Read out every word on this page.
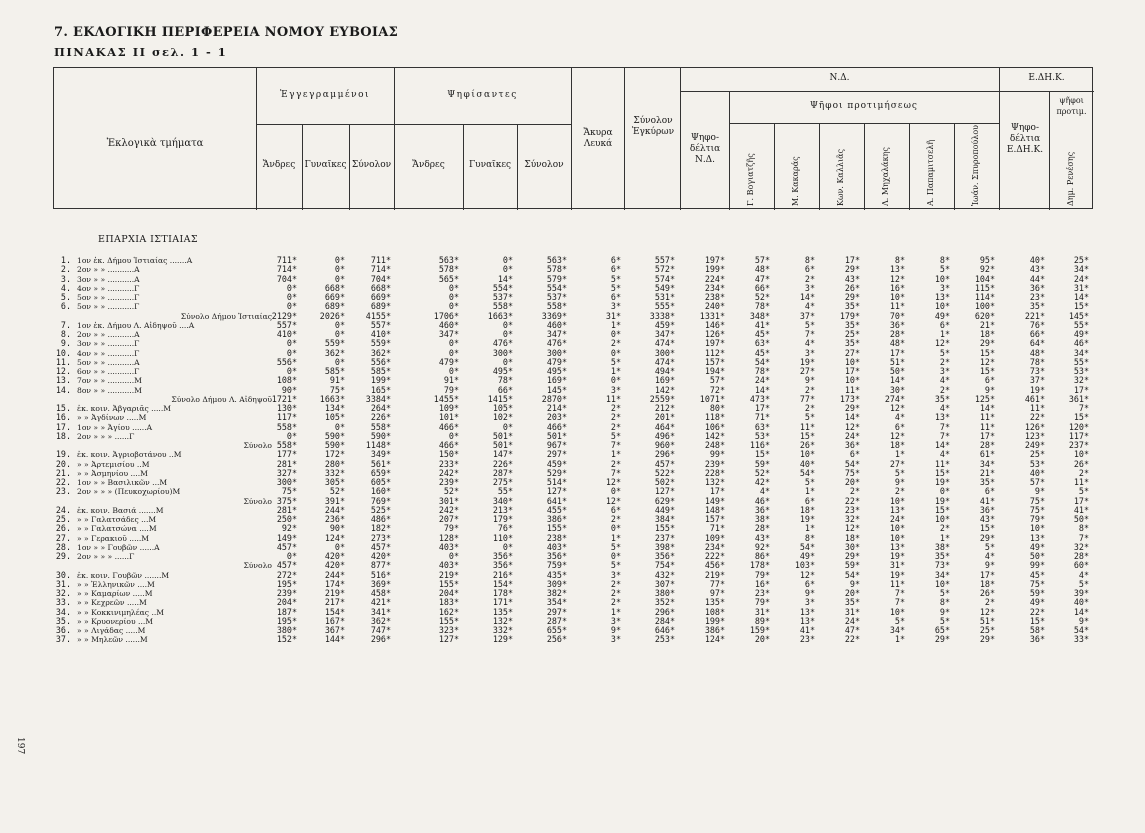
7. ΕΚΛΟΓΙΚΗ ΠΕΡΙΦΕΡΕΙΑ ΝΟΜΟΥ ΕΥΒΟΙΑΣ
ΠΙΝΑΚΑΣ ΙΙ σελ. 1 - 1
197
Ἐκλογικὰ τμήματα
Ἐγγεγραμμένοι	Ψηφίσαντες
Ἄνδρες	Γυναῖκες Σύνολον	Ἄνδρες	Γυναῖκες	Σύνολον
Ἄκυρα Λευκά
Σύνολον Ἐγκύρων
Ν.Δ.	Ε.ΔΗ.Κ.
Ψηφο-δέλτια Ν.Δ.
Ψῆφοι προτιμήσεως
Ψηφο-δέλτια Ε.ΔΗ.Κ.
ψῆφοι προτιμ.
Γ. Βογιατζῆς	Μ. Κακαράς	Κων. Καλλιᾶς	Λ. Μηχαλάκης	Α. Παπαμιτσελῆ	Ἰωάν. Σπυροπούλου	Δημ. Ρενέσης
ΕΠΑΡΧΙΑ ΙΣΤΙΑΙΑΣ
1. 1ον ἐκ. Δήμου Ἱστιαίας .......Α	711*	0*	711*	563*	0*	563*	6*	557*	197*	57*	8*	17*	8*	8*	95*	40*	25*
2. 2ον » » ...........Α	714*	0*	714*	578*	0*	578*	6*	572*	199*	48*	6*	29*	13*	5*	92*	43*	34*
3. 3ον » » ...........Α	704*	0*	704*	565*	14*	579*	5*	574*	224*	47*	2*	43*	12*	10*	104*	44*	24*
4. 4ον » » ...........Γ	0*	668*	668*	0*	554*	554*	5*	549*	234*	66*	3*	26*	16*	3*	115*	36*	31*
5. 5ον » » ...........Γ	0*	669*	669*	0*	537*	537*	6*	531*	238*	52*	14*	29*	10*	13*	114*	23*	14*
6. 5ον » » ...........Γ	0*	689*	689*	0*	558*	558*	3*	555*	240*	78*	4*	35*	11*	10*	100*	35*	15*
Σύνολο Δήμου Ἱστιαίας 2129*	2026*	4155*	1706*	1663*	3369*	31*	3338*	1331*	348*	37*	179*	70*	49*	620*	221*	145*
7. 1ον ἐκ. Δήμου Λ. Αἰδηψοῦ ....Α	557*	0*	557*	460*	0*	460*	1*	459*	146*	41*	5*	35*	36*	6*	21*	76*	55*
8. 2ον » » ...........Α	410*	0*	410*	347*	0*	347*	0*	347*	126*	45*	7*	25*	28*	1*	18*	66*	49*
9. 3ον » » ...........Γ	0*	559*	559*	0*	476*	476*	2*	474*	197*	63*	4*	35*	48*	12*	29*	64*	46*
10. 4ον » » ...........Γ	0*	362*	362*	0*	300*	300*	0*	300*	112*	45*	3*	27*	17*	5*	15*	48*	34*
11. 5ον » » ...........Α	556*	0*	556*	479*	0*	479*	5*	474*	157*	54*	19*	10*	51*	2*	12*	78*	55*
12. 6ον » » ...........Γ	0*	585*	585*	0*	495*	495*	1*	494*	194*	78*	27*	17*	50*	3*	15*	73*	53*
13. 7ον » » ...........Μ	108*	91*	199*	91*	78*	169*	0*	169*	57*	24*	9*	10*	14*	4*	6*	37*	32*
14. 8ον » » ...........Μ	90*	75*	165*	79*	66*	145*	3*	142*	72*	14*	2*	11*	30*	2*	9*	19*	17*
Σύνολο Δήμου Λ. Αἰδηψοῦ 1721*	1663*	3384*	1455*	1415*	2870*	11*	2559*	1071*	473*	77*	173*	274*	35*	125*	461*	361*
15. ἐκ. κοιν. Ἀβγαριᾶς .....Μ	130*	134*	264*	109*	105*	214*	2*	212*	80*	17*	2*	29*	12*	4*	14*	11*	7*
16. » » Ἀγδίνων .....Μ	117*	105*	226*	101*	102*	203*	2*	201*	118*	71*	5*	14*	4*	13*	11*	22*	15*
17. 1ον » » Ἀγίου ......Α	558*	0*	558*	466*	0*	466*	2*	464*	106*	63*	11*	12*	6*	7*	11*	126*	120*
18. 2ον » » » ......Γ	0*	590*	590*	0*	501*	501*	5*	496*	142*	53*	15*	24*	12*	7*	17*	123*	117*
Σύνολο 558*	590*	1148*	466*	501*	967*	7*	960*	248*	116*	26*	36*	18*	14*	28*	249*	237*
19. ἐκ. κοιν. Ἀγριοβοτάνου ..Μ	177*	172*	349*	150*	147*	297*	1*	296*	99*	15*	10*	6*	1*	4*	61*	25*	10*
20. » » Ἀρτεμισίου ..Μ	281*	280*	561*	233*	226*	459*	2*	457*	239*	59*	40*	54*	27*	11*	34*	53*	26*
21. » » Ἀσμηνίου ....Μ	327*	332*	659*	242*	287*	529*	7*	522*	228*	52*	54*	75*	5*	15*	21*	40*	2*
22. 1ον » » Βασιλικῶν ...Μ	300*	305*	605*	239*	275*	514*	12*	502*	132*	42*	5*	20*	9*	19*	35*	57*	11*
23. 2ον » » » (Πευκοχωρίου)Μ	75*	52*	160*	52*	55*	127*	0*	127*	17*	4*	1*	2*	2*	0*	6*	9*	5*
Σύνολο 375*	391*	769*	301*	340*	641*	12*	629*	149*	46*	6*	22*	10*	19*	41*	75*	17*
24. ἐκ. κοιν. Βασιά .......Μ	281*	244*	525*	242*	213*	455*	6*	449*	148*	36*	18*	23*	13*	15*	36*	75*	41*
25. » » Γαλατσάδες ...Μ	250*	236*	486*	207*	179*	386*	2*	384*	157*	38*	19*	32*	24*	10*	43*	79*	50*
26. » » Γαλατσώνα ....Μ	92*	90*	182*	79*	76*	155*	0*	155*	71*	28*	1*	12*	10*	2*	15*	10*	8*
27. » » Γερακιοῦ .....Μ	149*	124*	273*	128*	110*	238*	1*	237*	109*	43*	8*	18*	10*	1*	29*	13*	7*
28. 1ον » » Γουβῶν ......Α	457*	0*	457*	403*	0*	403*	5*	398*	234*	92*	54*	30*	13*	38*	5*	49*	32*
29. 2ον » » » ......Γ	0*	420*	420*	0*	356*	356*	0*	356*	222*	86*	49*	29*	19*	35*	4*	50*	28*
Σύνολο 457*	420*	877*	403*	356*	759*	5*	754*	456*	178*	103*	59*	31*	73*	9*	99*	60*
30. ἐκ. κοιν. Γουβῶν .......Μ	272*	244*	516*	219*	216*	435*	3*	432*	219*	79*	12*	54*	19*	34*	17*	45*	4*
31. » » Ἐλληνικῶν ....Μ	195*	174*	369*	155*	154*	309*	2*	307*	77*	16*	6*	9*	11*	10*	18*	75*	5*
32. » » Καμαρίων .....Μ	239*	219*	458*	204*	178*	382*	2*	380*	97*	23*	9*	20*	7*	5*	26*	59*	39*
33. » » Κεχρεῶν .....Μ	204*	217*	421*	183*	171*	354*	2*	352*	135*	79*	3*	35*	7*	8*	2*	49*	40*
34. » » Κοκκινιμηλέας ..Μ	187*	154*	341*	162*	135*	297*	1*	296*	108*	31*	13*	31*	10*	9*	12*	22*	14*
35. » » Κρυονερίου ...Μ	195*	167*	362*	155*	132*	287*	3*	284*	199*	89*	13*	24*	5*	5*	51*	15*	9*
36. » » Λιγάδας .....Μ	380*	367*	747*	323*	332*	655*	9*	646*	386*	159*	41*	47*	34*	65*	25*	58*	54*
37. » » Μηλεῶν ......Μ	152*	144*	296*	127*	129*	256*	3*	253*	124*	20*	23*	22*	1*	29*	29*	36*	33*
